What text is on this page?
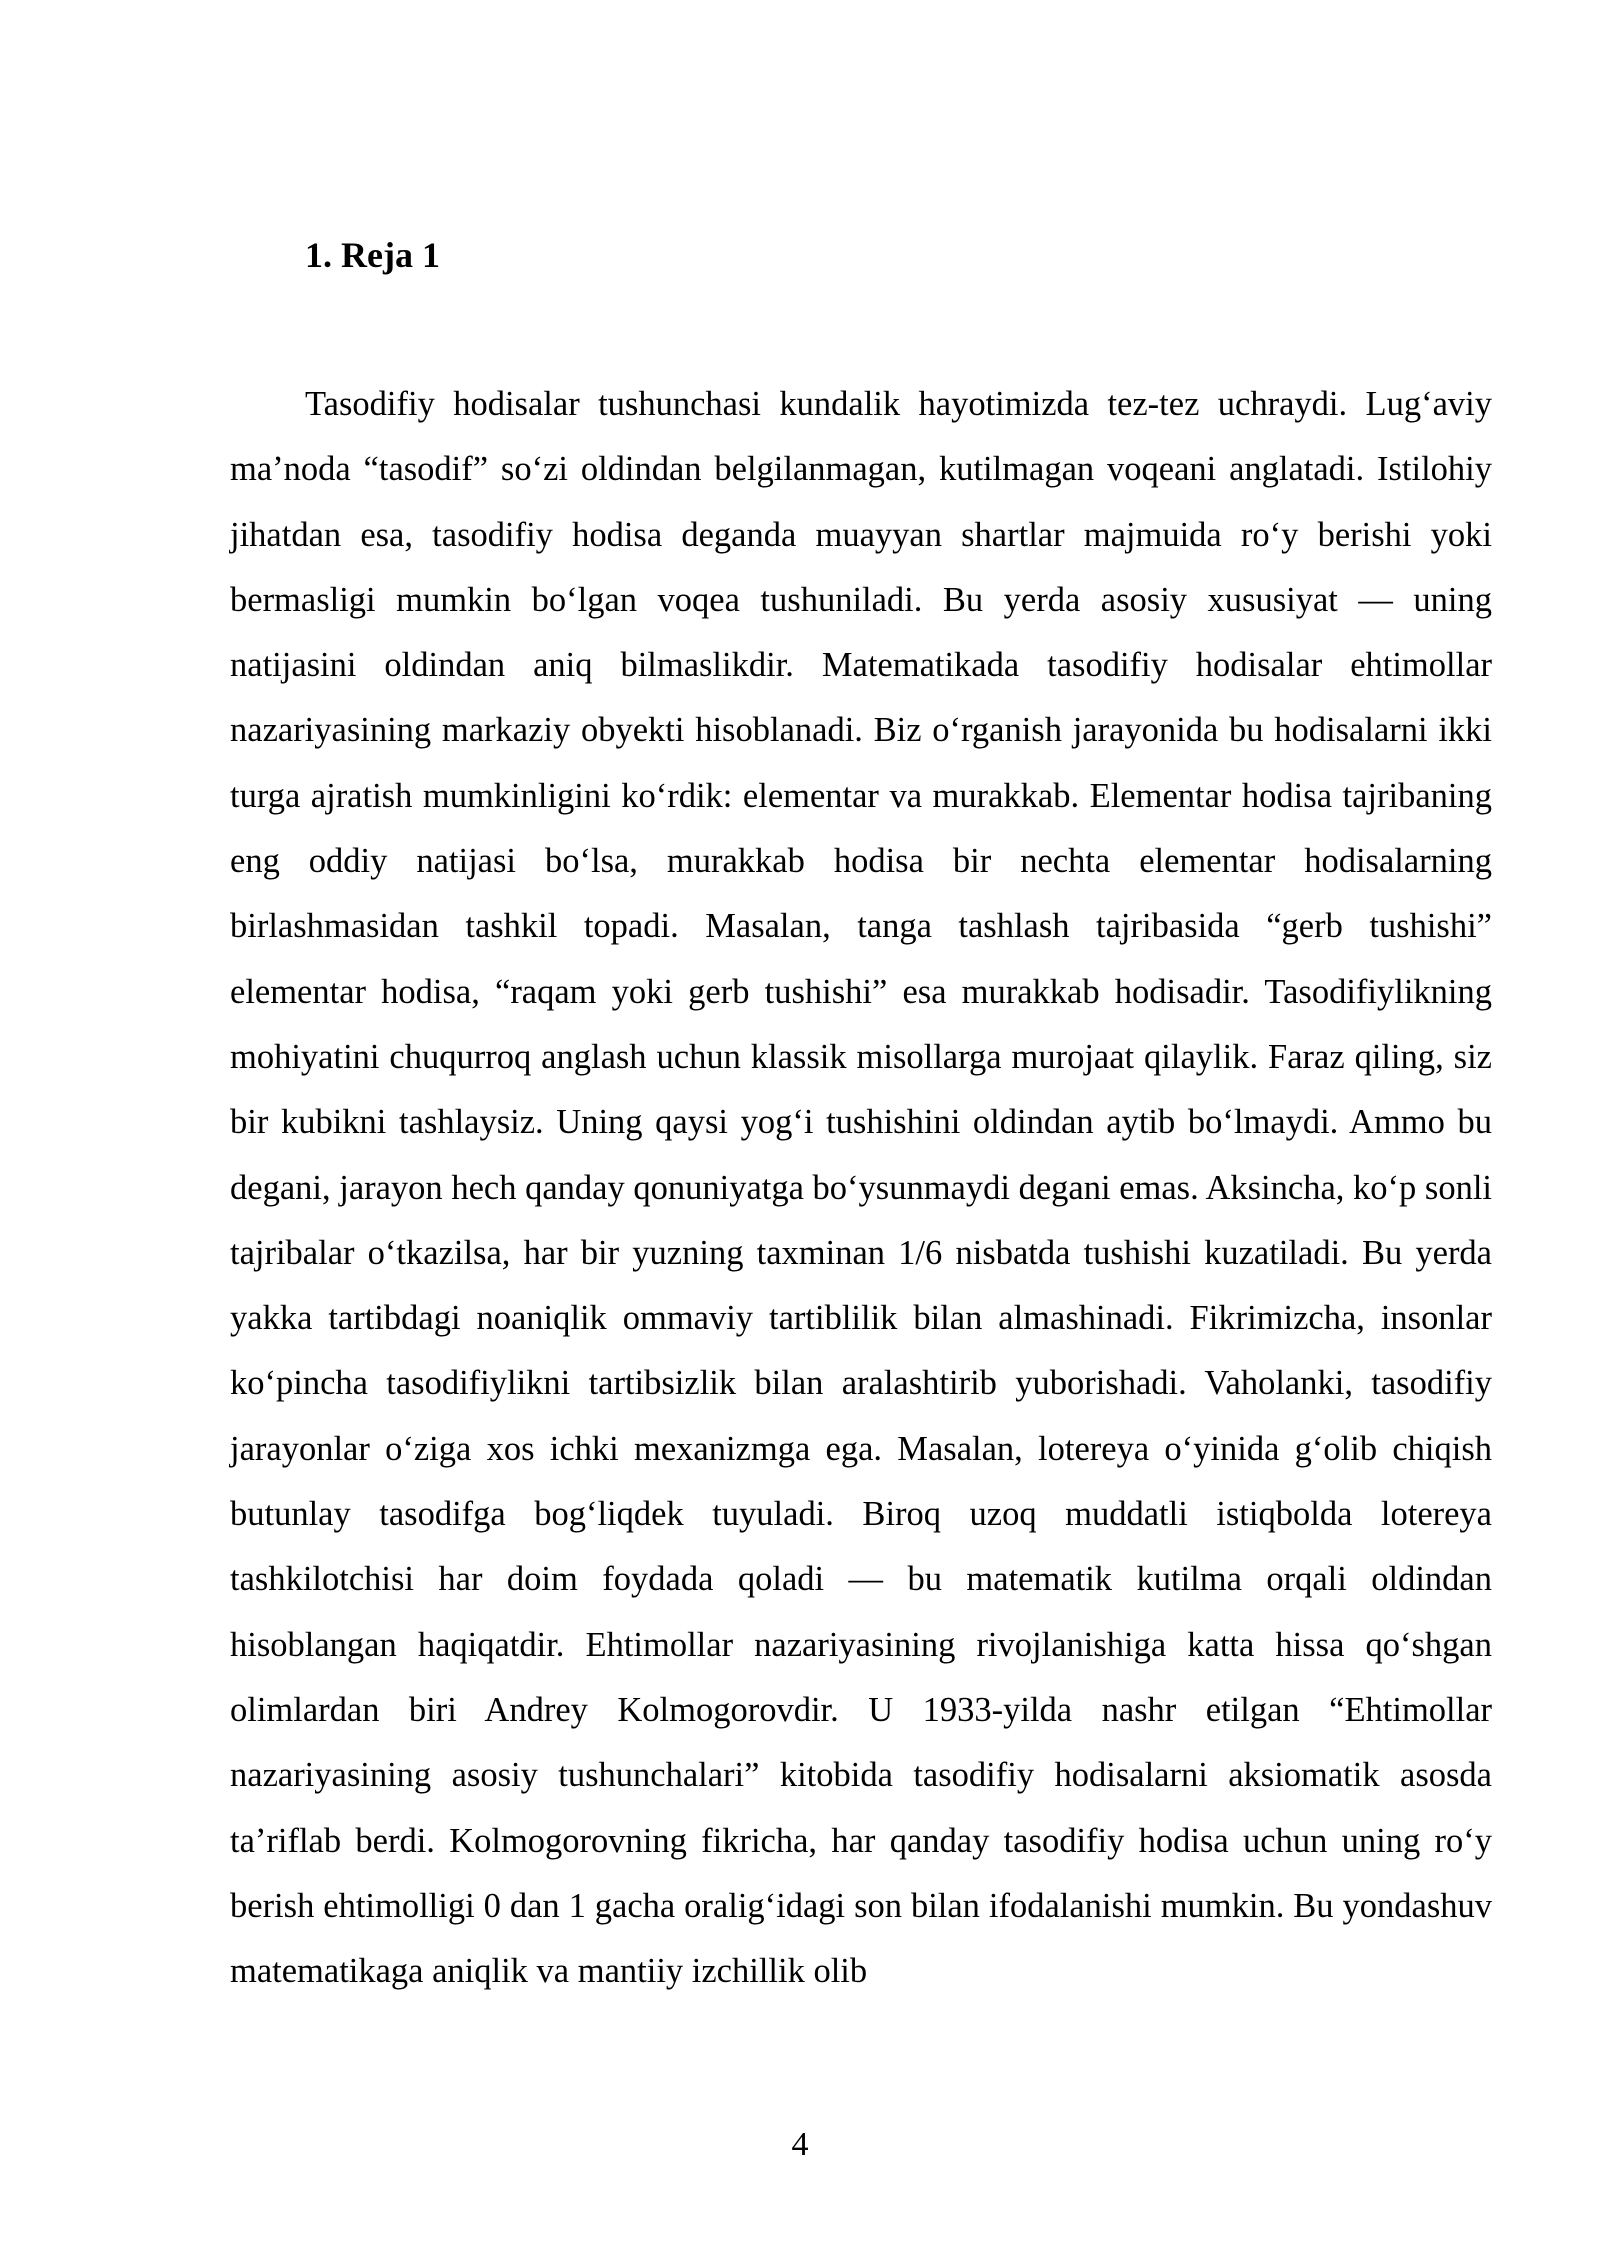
1. Reja 1

Tasodifiy hodisalar tushunchasi kundalik hayotimizda tez-tez uchraydi. Lugʻaviy maʼnoda “tasodif” soʻzi oldindan belgilanmagan, kutilmagan voqeani anglatadi. Istilohiy jihatdan esa, tasodifiy hodisa deganda muayyan shartlar majmuida roʻy berishi yoki bermasligi mumkin boʻlgan voqea tushuniladi. Bu yerda asosiy xususiyat — uning natijasini oldindan aniq bilmaslikdir. Matematikada tasodifiy hodisalar ehtimollar nazariyasining markaziy obyekti hisoblanadi. Biz oʻrganish jarayonida bu hodisalarni ikki turga ajratish mumkinligini koʻrdik: elementar va murakkab. Elementar hodisa tajribaning eng oddiy natijasi boʻlsa, murakkab hodisa bir nechta elementar hodisalarning birlashmasidan tashkil topadi. Masalan, tanga tashlash tajribasida “gerb tushishi” elementar hodisa, “raqam yoki gerb tushishi” esa murakkab hodisadir. Tasodifiylikning mohiyatini chuqurroq anglash uchun klassik misollarga murojaat qilaylik. Faraz qiling, siz bir kubikni tashlaysiz. Uning qaysi yogʻi tushishini oldindan aytib boʻlmaydi. Ammo bu degani, jarayon hech qanday qonuniyatga boʻysunmaydi degani emas. Aksincha, koʻp sonli tajribalar oʻtkazilsa, har bir yuzning taxminan 1/6 nisbatda tushishi kuzatiladi. Bu yerda yakka tartibdagi noaniqlik ommaviy tartiblilik bilan almashinadi. Fikrimizcha, insonlar koʻpincha tasodifiylikni tartibsizlik bilan aralashtirib yuborishadi. Vaholanki, tasodifiy jarayonlar oʻziga xos ichki mexanizmga ega. Masalan, lotereya oʻyinida gʻolib chiqish butunlay tasodifga bogʻliqdek tuyuladi. Biroq uzoq muddatli istiqbolda lotereya tashkilotchisi har doim foydada qoladi — bu matematik kutilma orqali oldindan hisoblangan haqiqatdir. Ehtimollar nazariyasining rivojlanishiga katta hissa qoʻshgan olimlardan biri Andrey Kolmogorovdir. U 1933-yilda nashr etilgan “Ehtimollar nazariyasining asosiy tushunchalari” kitobida tasodifiy hodisalarni aksiomatik asosda taʼriflab berdi. Kolmogorovning fikricha, har qanday tasodifiy hodisa uchun uning roʻy berish ehtimolligi 0 dan 1 gacha oraligʻidagi son bilan ifodalanishi mumkin. Bu yondashuv matematikaga aniqlik va mantiiy izchillik olib

4
